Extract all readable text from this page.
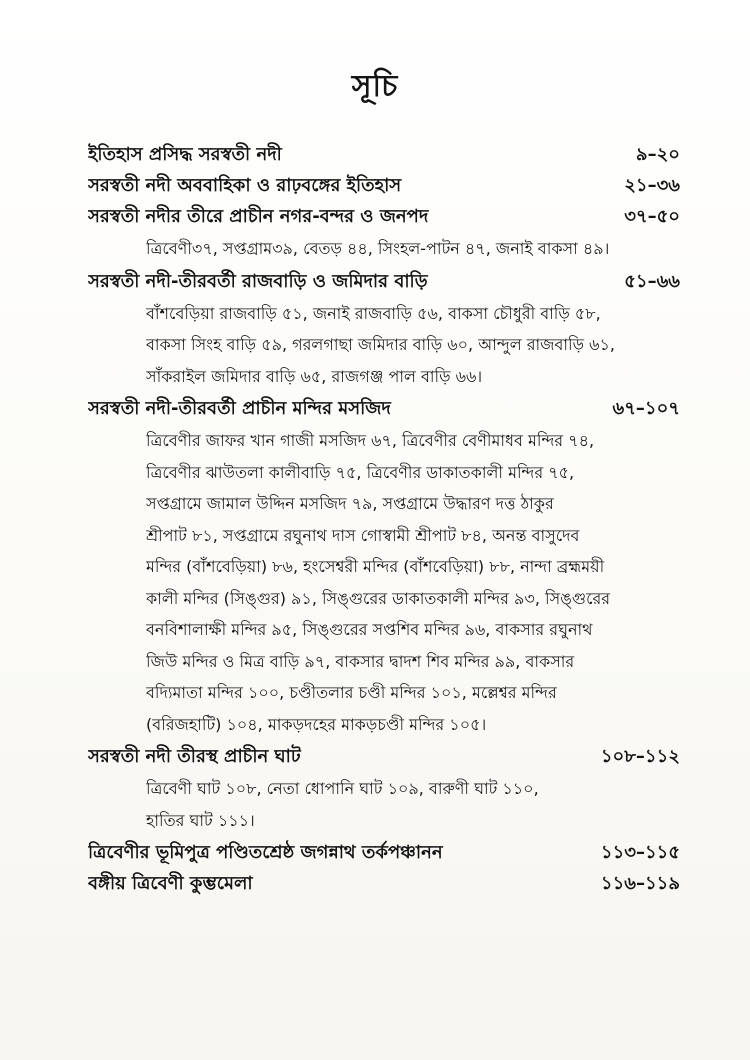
সূচি
ইতিহাস প্রসিদ্ধ সরস্বতী নদী	৯–২০
সরস্বতী নদী অববাহিকা ও রাঢ়বঙ্গের ইতিহাস	২১–৩৬
সরস্বতী নদীর তীরে প্রাচীন নগর-বন্দর ও জনপদ	৩৭–৫০
ত্রিবেণী৩৭, সপ্তগ্রাম৩৯, বেতড় ৪৪, সিংহল-পাটন ৪৭, জনাই বাকসা ৪৯।
সরস্বতী নদী-তীরবর্তী রাজবাড়ি ও জমিদার বাড়ি	৫১–৬৬
বাঁশবেড়িয়া রাজবাড়ি ৫১, জনাই রাজবাড়ি ৫৬, বাকসা চৌধুরী বাড়ি ৫৮,
বাকসা সিংহ বাড়ি ৫৯, গরলগাছা জমিদার বাড়ি ৬০, আন্দুল রাজবাড়ি ৬১,
সাঁকরাইল জমিদার বাড়ি ৬৫, রাজগঞ্জ পাল বাড়ি ৬৬।
সরস্বতী নদী-তীরবর্তী প্রাচীন মন্দির মসজিদ	৬৭–১০৭
ত্রিবেণীর জাফর খান গাজী মসজিদ ৬৭, ত্রিবেণীর বেণীমাধব মন্দির ৭৪,
ত্রিবেণীর ঝাউতলা কালীবাড়ি ৭৫, ত্রিবেণীর ডাকাতকালী মন্দির ৭৫,
সপ্তগ্রামে জামাল উদ্দিন মসজিদ ৭৯, সপ্তগ্রামে উদ্ধারণ দত্ত ঠাকুর
শ্রীপাট ৮১, সপ্তগ্রামে রঘুনাথ দাস গোস্বামী শ্রীপাট ৮৪, অনন্ত বাসুদেব
মন্দির (বাঁশবেড়িয়া) ৮৬, হংসেশ্বরী মন্দির (বাঁশবেড়িয়া) ৮৮, নান্দা ব্রহ্মময়ী
কালী মন্দির (সিঙ্গুর) ৯১, সিঙ্গুরের ডাকাতকালী মন্দির ৯৩, সিঙ্গুরের
বনবিশালাক্ষী মন্দির ৯৫, সিঙ্গুরের সপ্তশিব মন্দির ৯৬, বাকসার রঘুনাথ
জিউ মন্দির ও মিত্র বাড়ি ৯৭, বাকসার দ্বাদশ শিব মন্দির ৯৯, বাকসার
বদ্যিমাতা মন্দির ১০০, চণ্ডীতলার চণ্ডী মন্দির ১০১, মল্লেশ্বর মন্দির
(বরিজহাটি) ১০৪, মাকড়দহের মাকড়চণ্ডী মন্দির ১০৫।
সরস্বতী নদী তীরস্থ প্রাচীন ঘাট	১০৮–১১২
ত্রিবেণী ঘাট ১০৮, নেতা ধোপানি ঘাট ১০৯, বারুণী ঘাট ১১০,
হাতির ঘাট ১১১।
ত্রিবেণীর ভূমিপুত্র পণ্ডিতশ্রেষ্ঠ জগন্নাথ তর্কপঞ্চানন	১১৩–১১৫
বঙ্গীয় ত্রিবেণী কুম্ভমেলা	১১৬–১১৯
